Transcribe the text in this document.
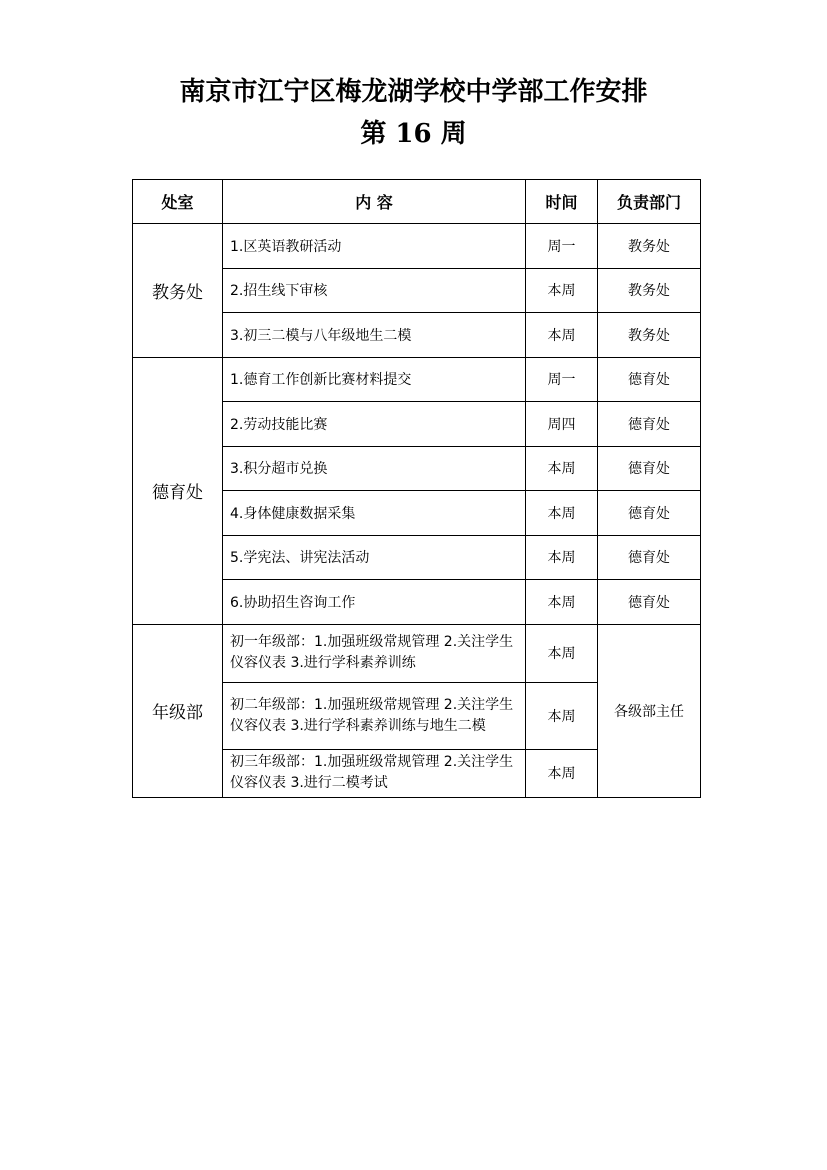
南京市江宁区梅龙湖学校中学部工作安排
第 16 周
处室	内 容	时间	负责部门
教务处	1.区英语教研活动	周一	教务处
	2.招生线下审核	本周	教务处
	3.初三二模与八年级地生二模	本周	教务处
德育处	1.德育工作创新比赛材料提交	周一	德育处
	2.劳动技能比赛	周四	德育处
	3.积分超市兑换	本周	德育处
	4.身体健康数据采集	本周	德育处
	5.学宪法、讲宪法活动	本周	德育处
	6.协助招生咨询工作	本周	德育处
年级部	初一年级部：1.加强班级常规管理 2.关注学生仪容仪表 3.进行学科素养训练	本周	各级部主任
	初二年级部：1.加强班级常规管理 2.关注学生仪容仪表 3.进行学科素养训练与地生二模	本周	
	初三年级部：1.加强班级常规管理 2.关注学生仪容仪表 3.进行二模考试	本周	
